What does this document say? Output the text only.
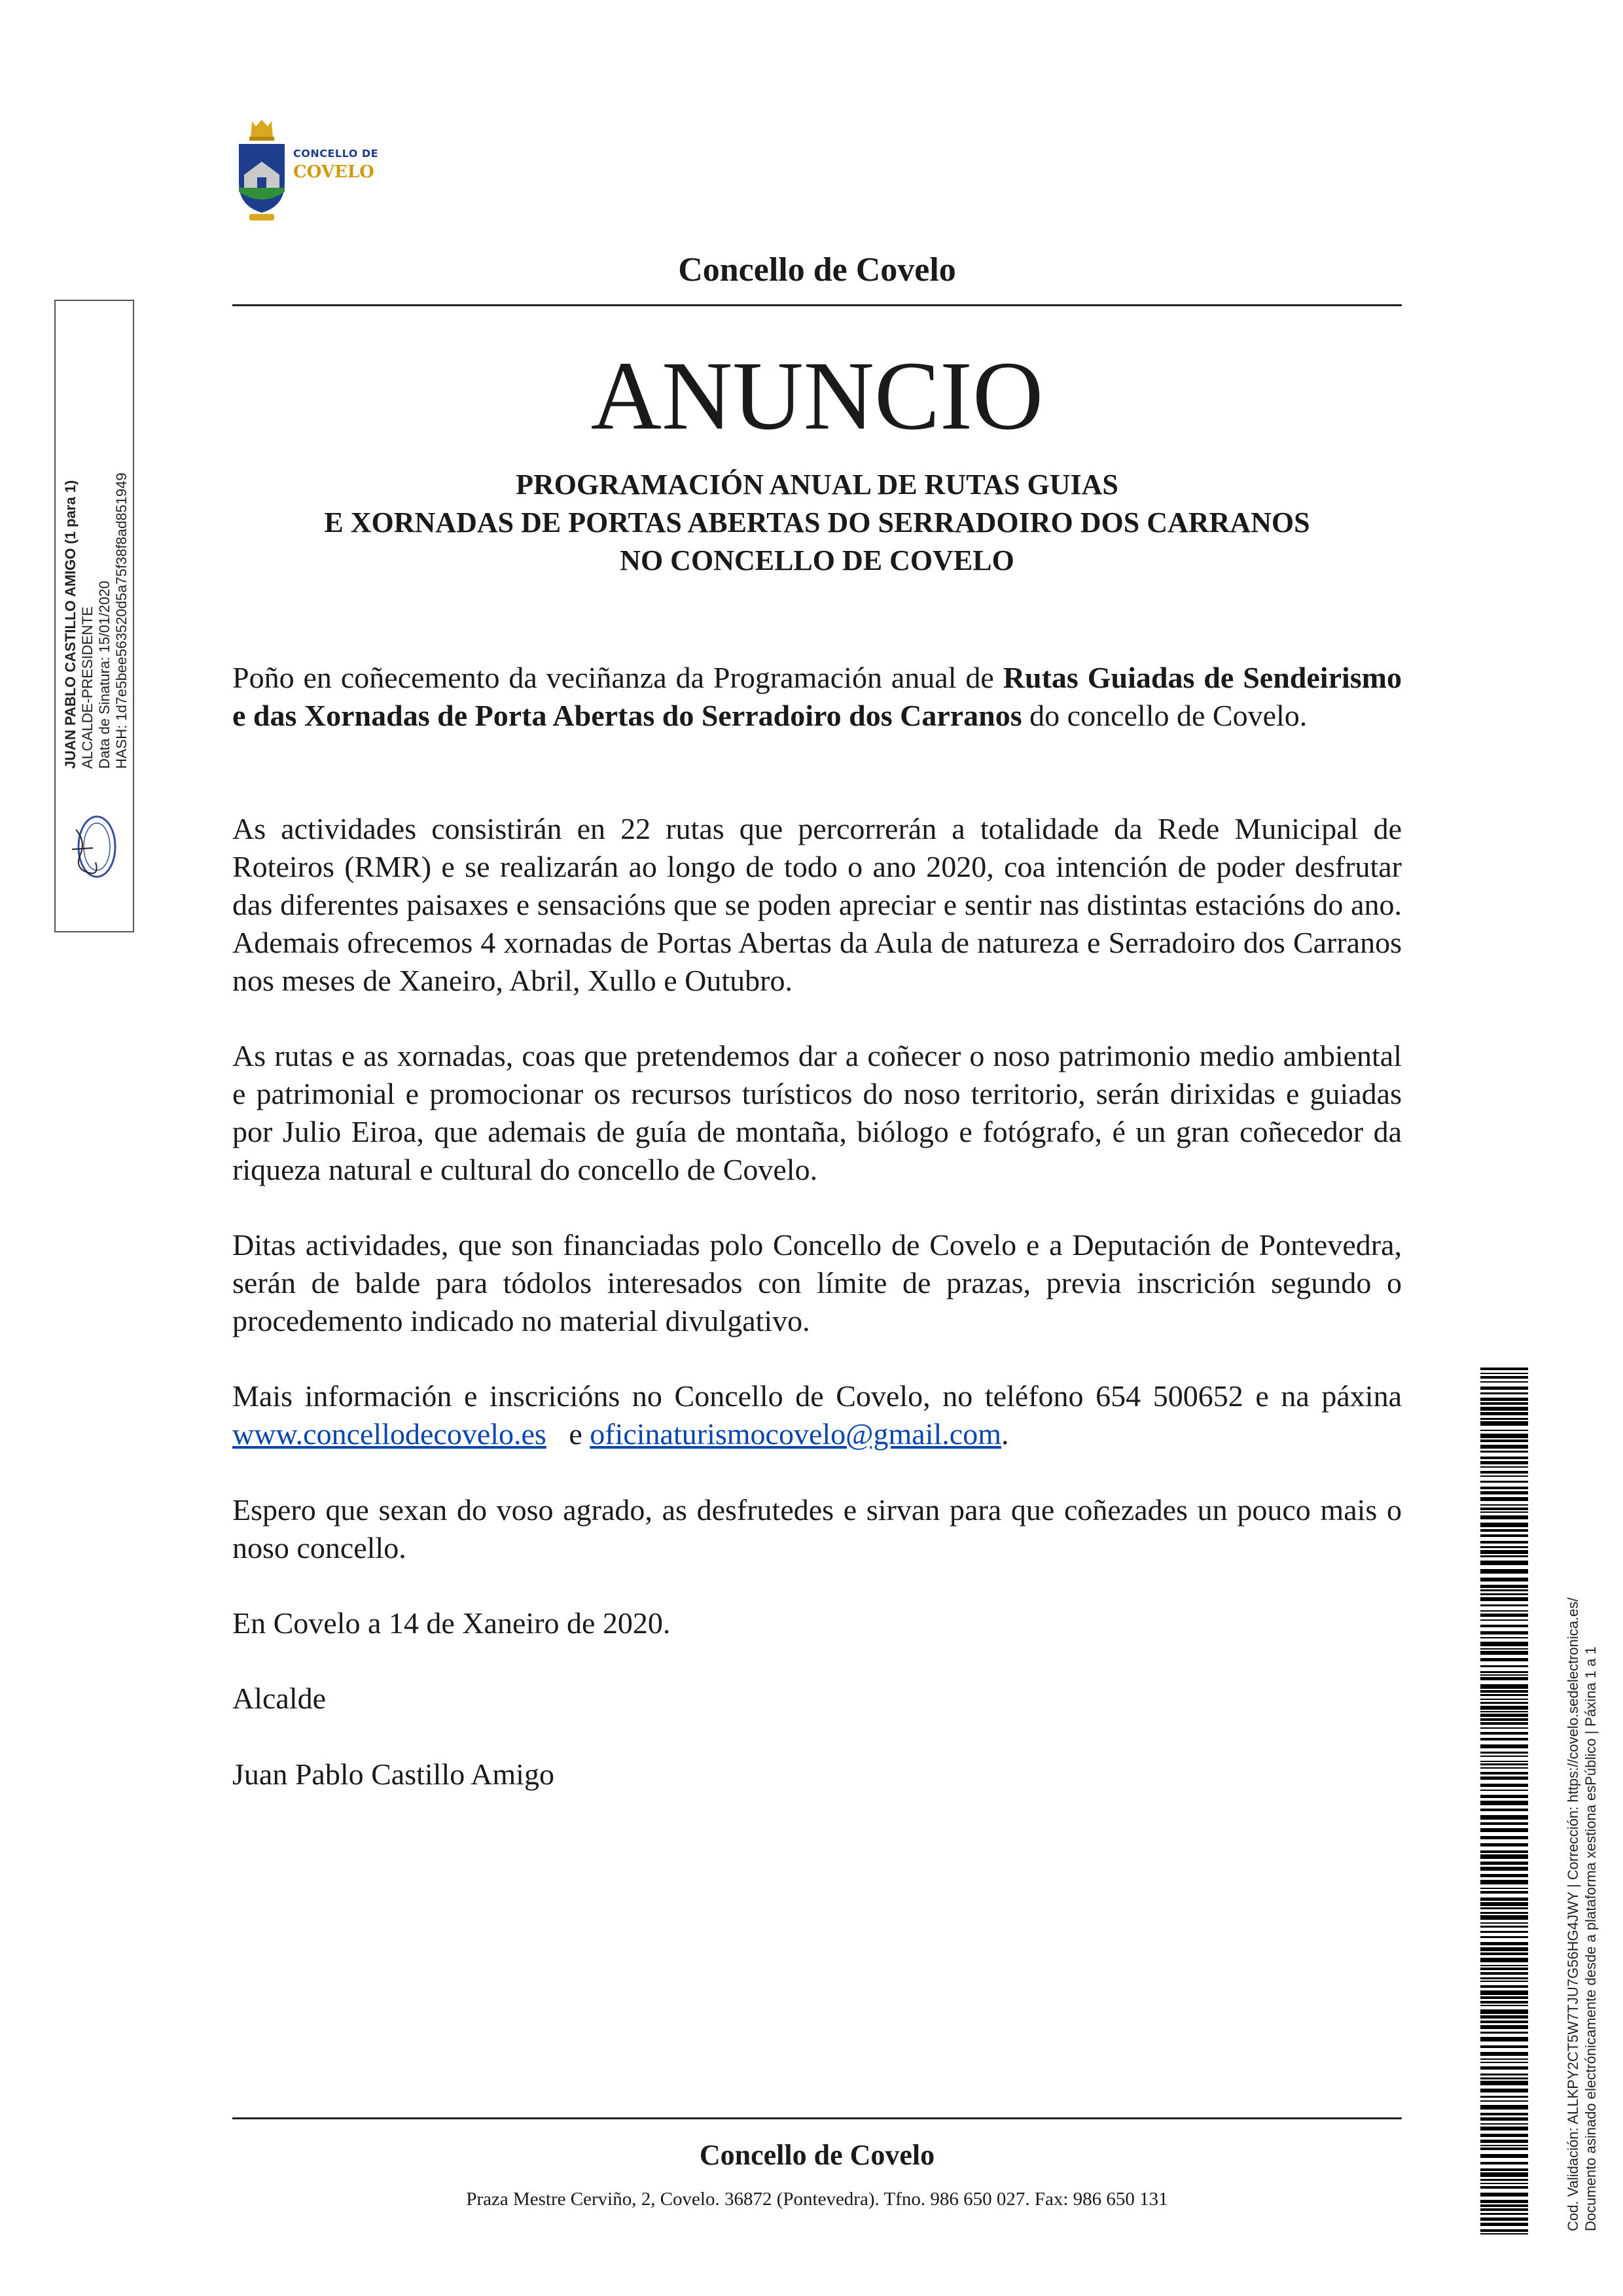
CONCELLO DE
COVELO
Concello de Covelo
ANUNCIO
PROGRAMACIÓN ANUAL DE RUTAS GUIAS
E XORNADAS DE PORTAS ABERTAS DO SERRADOIRO DOS CARRANOS
NO CONCELLO DE COVELO

Poño en coñecemento da veciñanza da Programación anual de Rutas Guiadas de Sendeirismo e das Xornadas de Porta Abertas do Serradoiro dos Carranos do concello de Covelo.

As actividades consistirán en 22 rutas que percorrerán a totalidade da Rede Municipal de Roteiros (RMR) e se realizarán ao longo de todo o ano 2020, coa intención de poder desfrutar das diferentes paisaxes e sensacións que se poden apreciar e sentir nas distintas estacións do ano. Ademais ofrecemos 4 xornadas de Portas Abertas da Aula de natureza e Serradoiro dos Carranos nos meses de Xaneiro, Abril, Xullo e Outubro.

As rutas e as xornadas, coas que pretendemos dar a coñecer o noso patrimonio medio ambiental e patrimonial e promocionar os recursos turísticos do noso territorio, serán dirixidas e guiadas por Julio Eiroa, que ademais de guía de montaña, biólogo e fotógrafo, é un gran coñecedor da riqueza natural e cultural do concello de Covelo.

Ditas actividades, que son financiadas polo Concello de Covelo e a Deputación de Pontevedra, serán de balde para tódolos interesados con límite de prazas, previa inscrición segundo o procedemento indicado no material divulgativo.

Mais información e inscricións no Concello de Covelo, no teléfono 654 500652 e na páxina www.concellodecovelo.es   e oficinaturismocovelo@gmail.com.

Espero que sexan do voso agrado, as desfrutedes e sirvan para que coñezades un pouco mais o noso concello.

En Covelo a 14 de Xaneiro de 2020.
Alcalde
Juan Pablo Castillo Amigo
Concello de Covelo
Praza Mestre Cerviño, 2, Covelo. 36872 (Pontevedra). Tfno. 986 650 027. Fax: 986 650 131
JUAN PABLO CASTILLO AMIGO (1 para 1) ALCALDE-PRESIDENTE Data de Sinatura: 15/01/2020 HASH: 1d7e5bee563520d5a75f38f8ad851949
Cod. Validación: ALLKPY2CT5W7TJU7G56HG4JWY | Corrección: https://covelo.sedelectronica.es/ Documento asinado electrónicamente desde a plataforma xestiona esPúblico | Páxina 1 a 1
